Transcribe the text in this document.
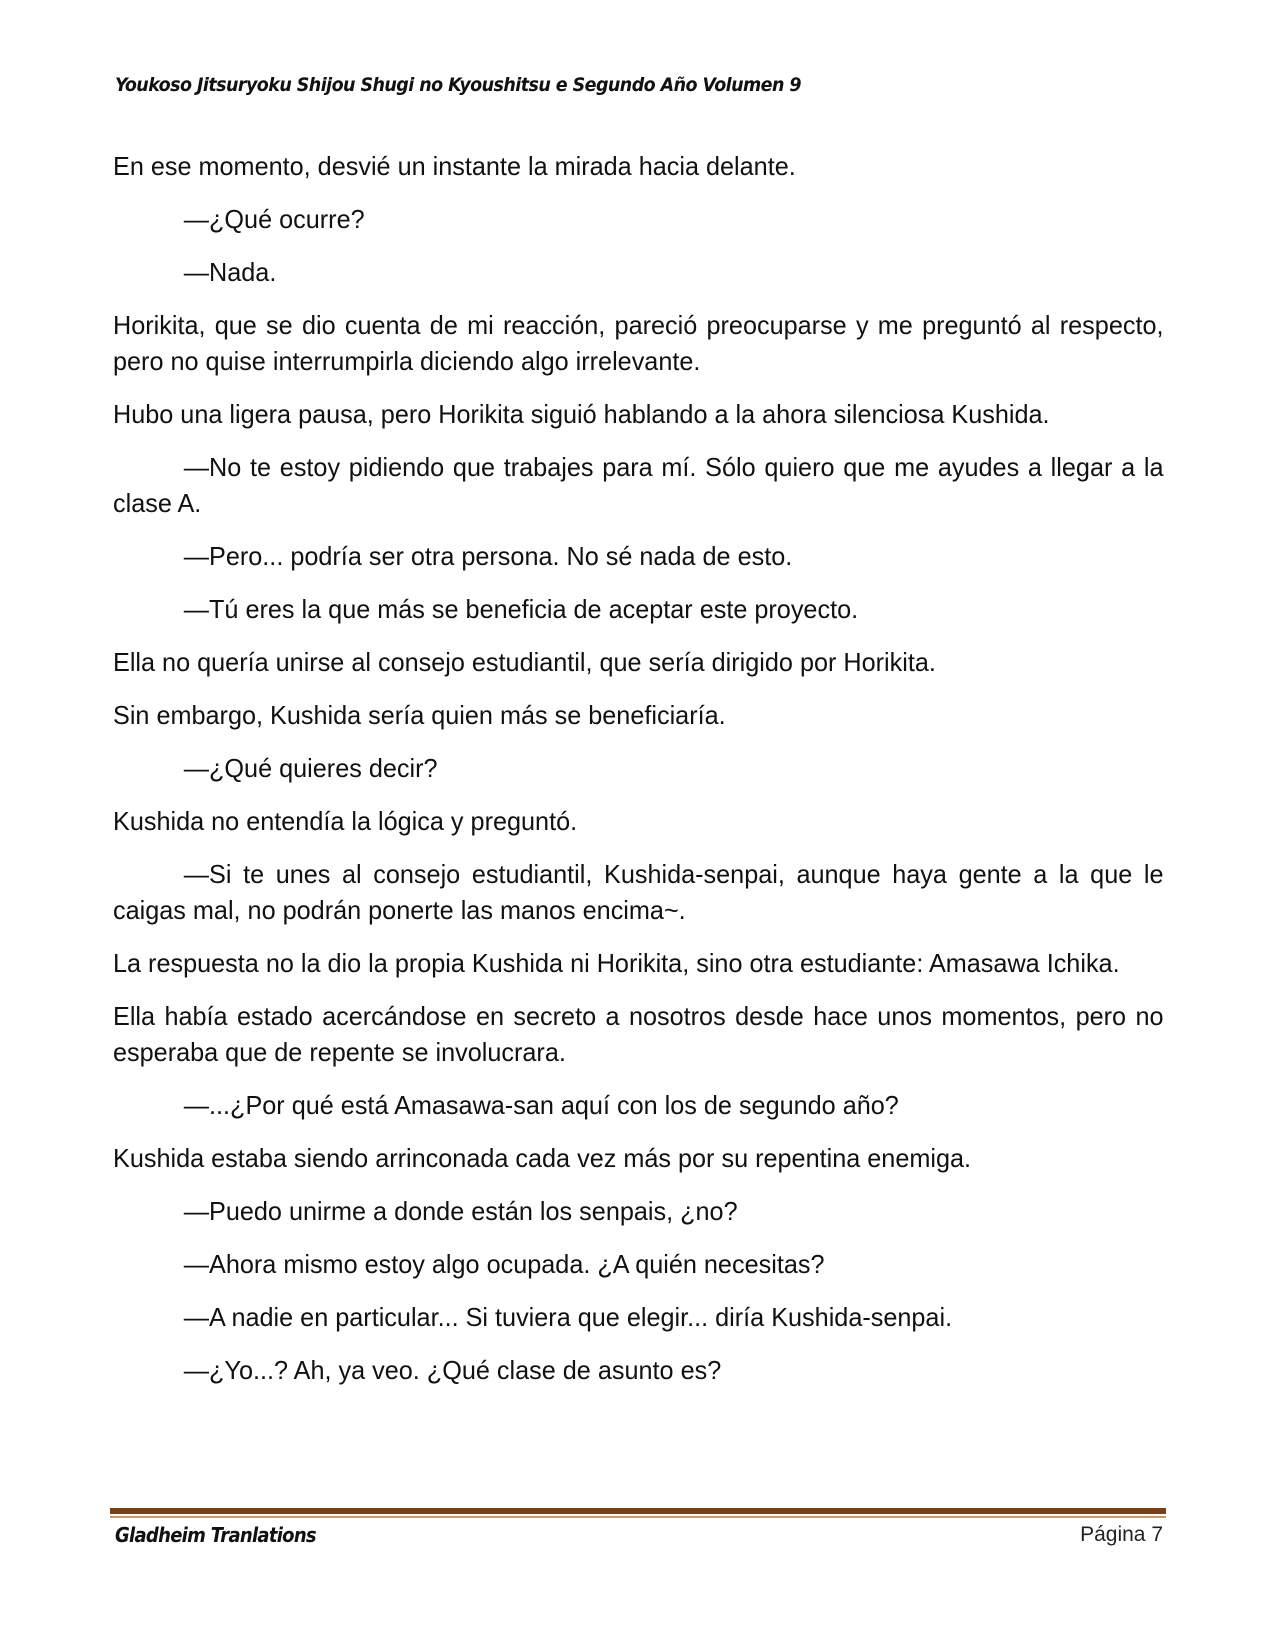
Youkoso Jitsuryoku Shijou Shugi no Kyoushitsu e Segundo Año Volumen 9

En ese momento, desvié un instante la mirada hacia delante.

—¿Qué ocurre?

—Nada.

Horikita, que se dio cuenta de mi reacción, pareció preocuparse y me preguntó al respecto, pero no quise interrumpirla diciendo algo irrelevante.

Hubo una ligera pausa, pero Horikita siguió hablando a la ahora silenciosa Kushida.

—No te estoy pidiendo que trabajes para mí. Sólo quiero que me ayudes a llegar a la clase A.

—Pero... podría ser otra persona. No sé nada de esto.

—Tú eres la que más se beneficia de aceptar este proyecto.

Ella no quería unirse al consejo estudiantil, que sería dirigido por Horikita.

Sin embargo, Kushida sería quien más se beneficiaría.

—¿Qué quieres decir?

Kushida no entendía la lógica y preguntó.

—Si te unes al consejo estudiantil, Kushida-senpai, aunque haya gente a la que le caigas mal, no podrán ponerte las manos encima~.

La respuesta no la dio la propia Kushida ni Horikita, sino otra estudiante: Amasawa Ichika.

Ella había estado acercándose en secreto a nosotros desde hace unos momentos, pero no esperaba que de repente se involucrara.

—...¿Por qué está Amasawa-san aquí con los de segundo año?

Kushida estaba siendo arrinconada cada vez más por su repentina enemiga.

—Puedo unirme a donde están los senpais, ¿no?

—Ahora mismo estoy algo ocupada. ¿A quién necesitas?

—A nadie en particular... Si tuviera que elegir... diría Kushida-senpai.

—¿Yo...? Ah, ya veo. ¿Qué clase de asunto es?

Gladheim Tranlations	Página 7
